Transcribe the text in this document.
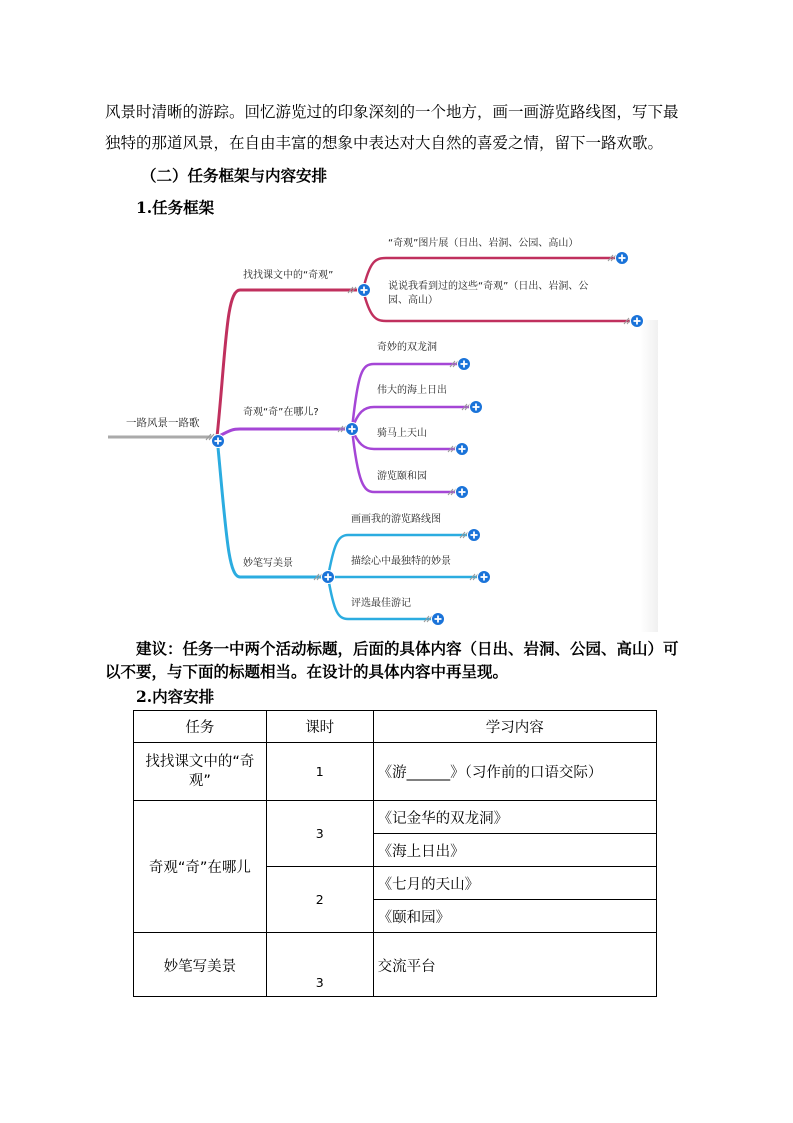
风景时清晰的游踪。回忆游览过的印象深刻的一个地方，画一画游览路线图，写下最
独特的那道风景，在自由丰富的想象中表达对大自然的喜爱之情，留下一路欢歌。
（二）任务框架与内容安排
1.任务框架
一路风景一路歌
找找课文中的“奇观”
“奇观”图片展（日出、岩洞、公园、高山）
说说我看到过的这些“奇观”（日出、岩洞、公
园、高山）
奇观“奇”在哪儿?
奇妙的双龙洞
伟大的海上日出
骑马上天山
游览颐和园
妙笔写美景
画画我的游览路线图
描绘心中最独特的妙景
评选最佳游记
建议：任务一中两个活动标题，后面的具体内容（日出、岩洞、公园、高山）可
以不要，与下面的标题相当。在设计的具体内容中再呈现。
2.内容安排
任务	课时	学习内容
找找课文中的“奇观”	1	《游______》（习作前的口语交际）
奇观“奇”在哪儿	3	《记金华的双龙洞》
		《海上日出》
	2	《七月的天山》
		《颐和园》
妙笔写美景	3	交流平台
